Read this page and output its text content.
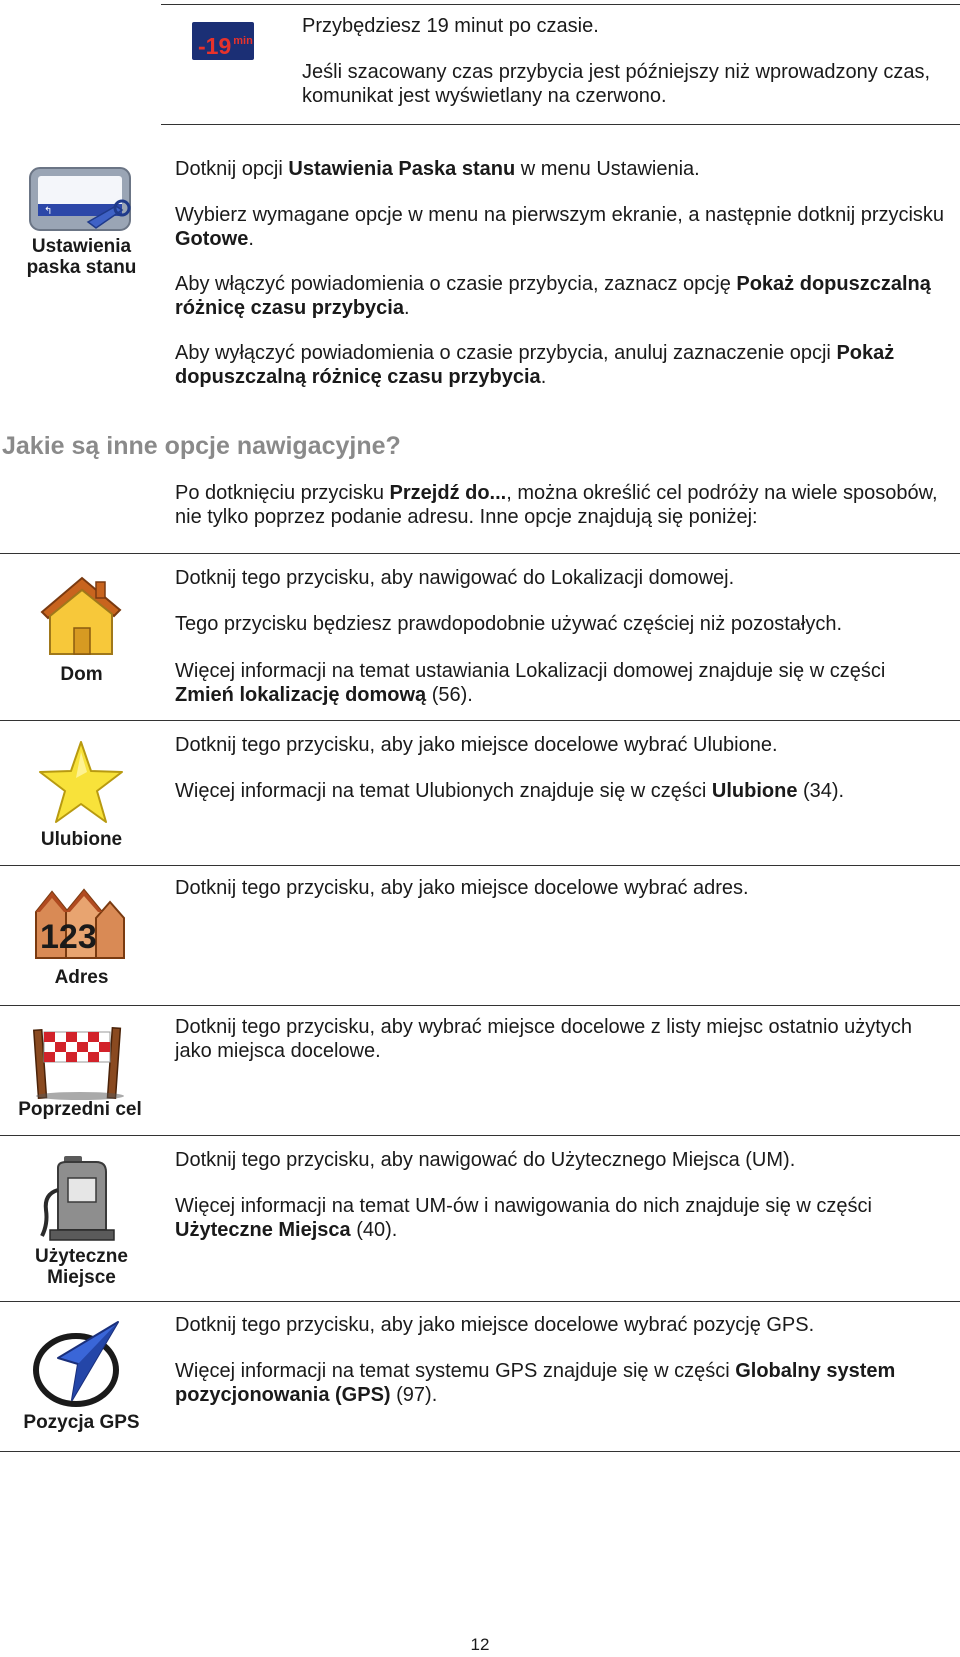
-19 $^{min}$

Przybędziesz 19 minut po czasie.

Jeśli szacowany czas przybycia jest późniejszy niż wprowadzony czas, komunikat jest wyświetlany na czerwono.

↰
Ustawienia paska stanu

Dotknij opcji Ustawienia Paska stanu w menu Ustawienia.

Wybierz wymagane opcje w menu na pierwszym ekranie, a następnie dotknij przycisku Gotowe.

Aby włączyć powiadomienia o czasie przybycia, zaznacz opcję Pokaż dopuszczalną różnicę czasu przybycia.

Aby wyłączyć powiadomienia o czasie przybycia, anuluj zaznaczenie opcji Pokaż dopuszczalną różnicę czasu przybycia.

Jakie są inne opcje nawigacyjne?

Po dotknięciu przycisku Przejdź do..., można określić cel podróży na wiele sposobów, nie tylko poprzez podanie adresu. Inne opcje znajdują się poniżej:

Dom

Dotknij tego przycisku, aby nawigować do Lokalizacji domowej.

Tego przycisku będziesz prawdopodobnie używać częściej niż pozostałych.

Więcej informacji na temat ustawiania Lokalizacji domowej znajduje się w części Zmień lokalizację domową (56).

Ulubione

Dotknij tego przycisku, aby jako miejsce docelowe wybrać Ulubione.

Więcej informacji na temat Ulubionych znajduje się w części Ulubione (34).

123
Adres

Dotknij tego przycisku, aby jako miejsce docelowe wybrać adres.

Poprzedni cel

Dotknij tego przycisku, aby wybrać miejsce docelowe z listy miejsc ostatnio użytych jako miejsca docelowe.

Użyteczne Miejsce

Dotknij tego przycisku, aby nawigować do Użytecznego Miejsca (UM).

Więcej informacji na temat UM-ów i nawigowania do nich znajduje się w części Użyteczne Miejsca (40).

Pozycja GPS

Dotknij tego przycisku, aby jako miejsce docelowe wybrać pozycję GPS.

Więcej informacji na temat systemu GPS znajduje się w części Globalny system pozycjonowania (GPS) (97).

12
